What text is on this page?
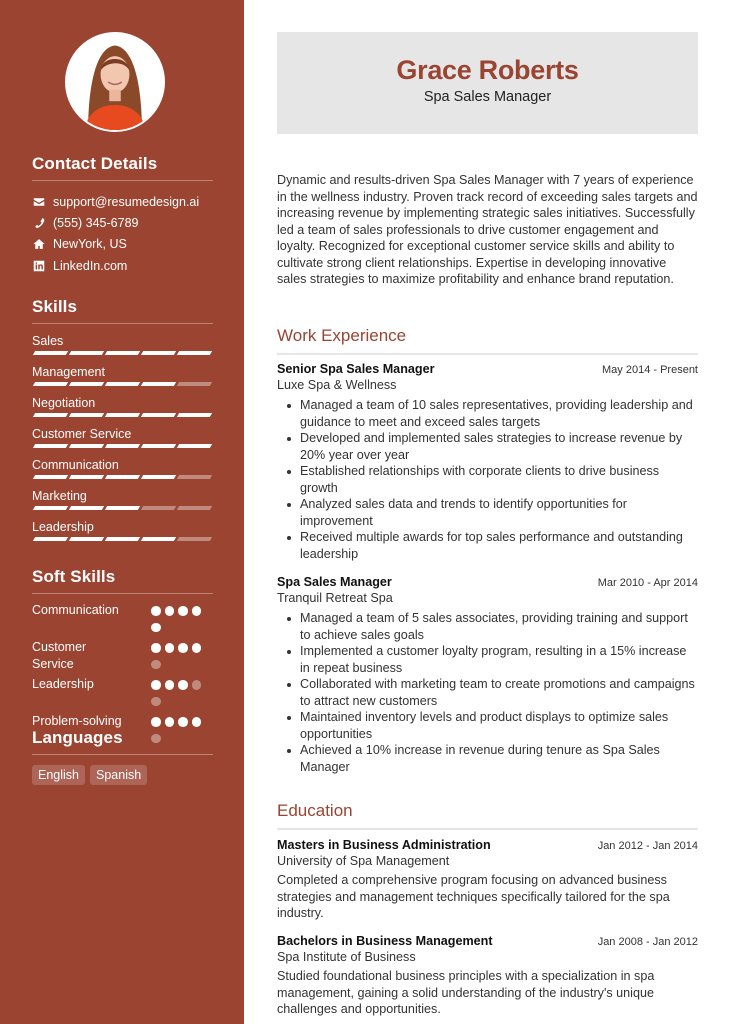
Contact Details
support@resumedesign.ai
(555) 345-6789
NewYork, US
LinkedIn.com
Skills
Sales
Management
Negotiation
Customer Service
Communication
Marketing
Leadership
Soft Skills
Communication
Customer Service
Leadership
Problem-solving
Languages
English	Spanish
Grace Roberts
Spa Sales Manager

Dynamic and results-driven Spa Sales Manager with 7 years of experience in the wellness industry. Proven track record of exceeding sales targets and increasing revenue by implementing strategic sales initiatives. Successfully led a team of sales professionals to drive customer engagement and loyalty. Recognized for exceptional customer service skills and ability to cultivate strong client relationships. Expertise in developing innovative sales strategies to maximize profitability and enhance brand reputation.

Work Experience
Senior Spa Sales Manager	May 2014 - Present
Luxe Spa & Wellness
Managed a team of 10 sales representatives, providing leadership and guidance to meet and exceed sales targets
Developed and implemented sales strategies to increase revenue by 20% year over year
Established relationships with corporate clients to drive business growth
Analyzed sales data and trends to identify opportunities for improvement
Received multiple awards for top sales performance and outstanding leadership
Spa Sales Manager	Mar 2010 - Apr 2014
Tranquil Retreat Spa
Managed a team of 5 sales associates, providing training and support to achieve sales goals
Implemented a customer loyalty program, resulting in a 15% increase in repeat business
Collaborated with marketing team to create promotions and campaigns to attract new customers
Maintained inventory levels and product displays to optimize sales opportunities
Achieved a 10% increase in revenue during tenure as Spa Sales Manager
Education
Masters in Business Administration	Jan 2012 - Jan 2014
University of Spa Management

Completed a comprehensive program focusing on advanced business strategies and management techniques specifically tailored for the spa industry.

Bachelors in Business Management	Jan 2008 - Jan 2012
Spa Institute of Business

Studied foundational business principles with a specialization in spa management, gaining a solid understanding of the industry's unique challenges and opportunities.
